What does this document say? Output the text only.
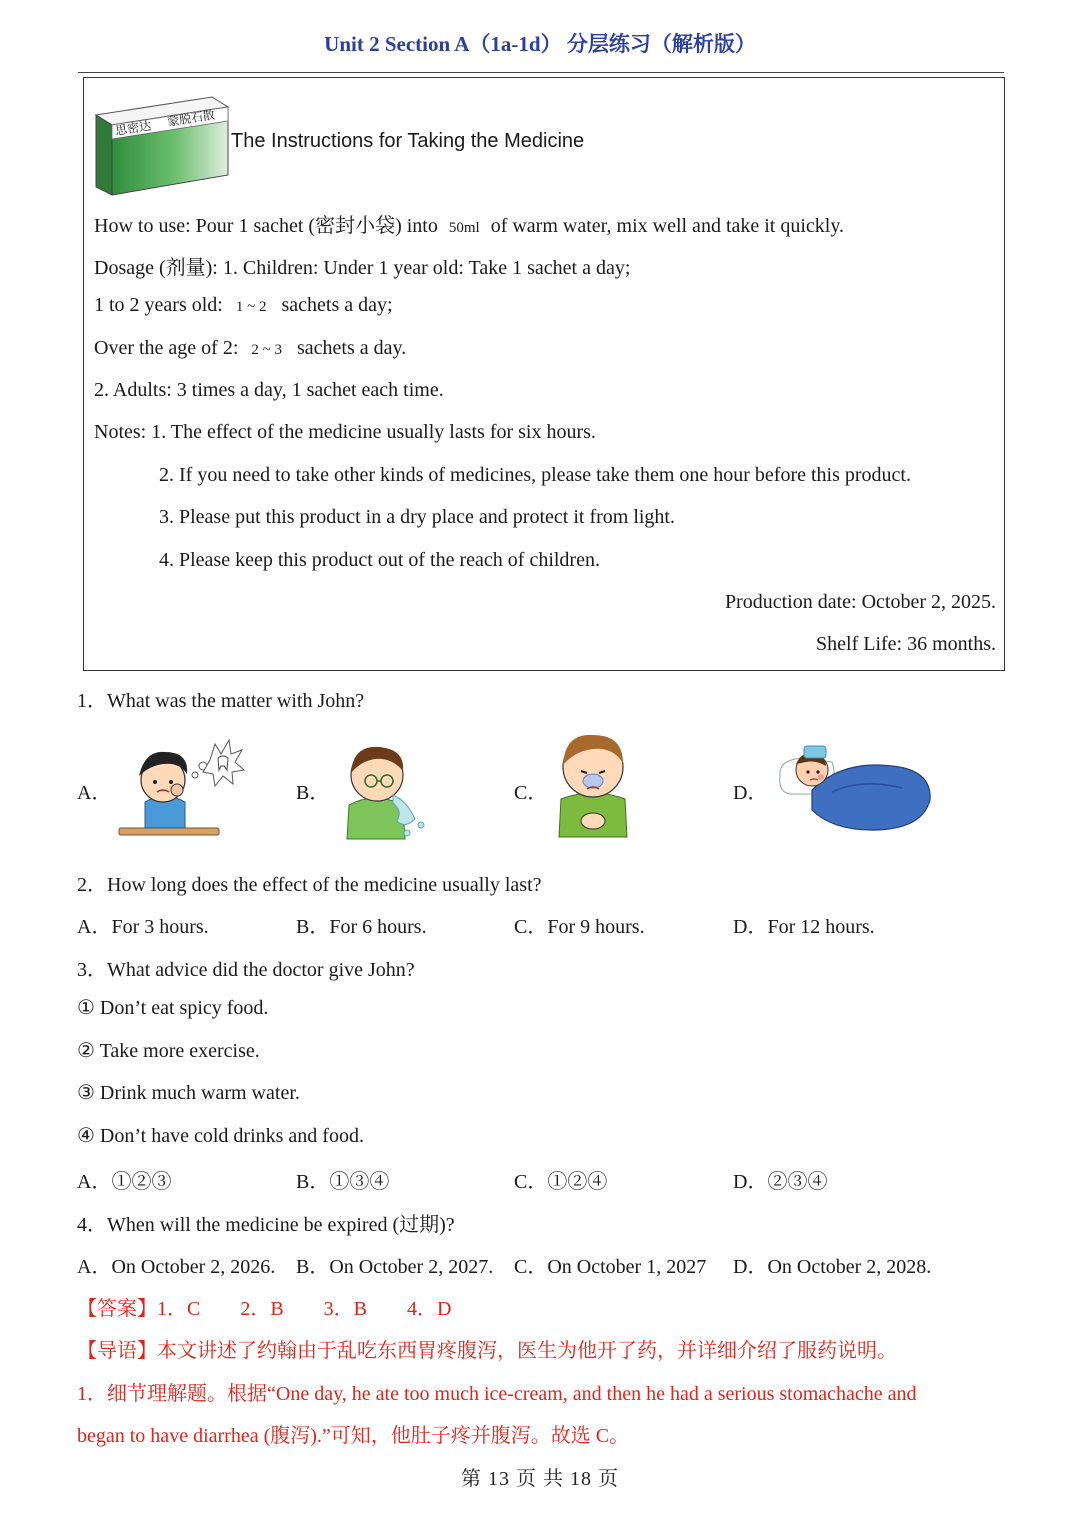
Unit 2 Section A（1a-1d） 分层练习（解析版）
思密达 蒙脱石散
The Instructions for Taking the Medicine
How to use: Pour 1 sachet (密封小袋) into 50ml of warm water, mix well and take it quickly.
Dosage (剂量): 1. Children: Under 1 year old: Take 1 sachet a day;
1 to 2 years old: 1 ~ 2 sachets a day;
Over the age of 2: 2 ~ 3 sachets a day.
2. Adults: 3 times a day, 1 sachet each time.
Notes: 1. The effect of the medicine usually lasts for six hours.
2. If you need to take other kinds of medicines, please take them one hour before this product.
3. Please put this product in a dry place and protect it from light.
4. Please keep this product out of the reach of children.
Production date: October 2, 2025.
Shelf Life: 36 months.
1．What was the matter with John?
A．	B．	C．	D．
2．How long does the effect of the medicine usually last?
A．For 3 hours.	B．For 6 hours.	C．For 9 hours.	D．For 12 hours.
3．What advice did the doctor give John?
① Don’t eat spicy food.
② Take more exercise.
③ Drink much warm water.
④ Don’t have cold drinks and food.
A．①②③	B．①③④	C．①②④	D．②③④
4．When will the medicine be expired (过期)?
A．On October 2, 2026. B．On October 2, 2027. C．On October 1, 2027 D．On October 2, 2028.
【答案】1．C　　2．B　　3．B　　4．D
【导语】本文讲述了约翰由于乱吃东西胃疼腹泻，医生为他开了药，并详细介绍了服药说明。
1．细节理解题。根据“One day, he ate too much ice-cream, and then he had a serious stomachache and
began to have diarrhea (腹泻).”可知，他肚子疼并腹泻。故选 C。
第 13 页 共 18 页
